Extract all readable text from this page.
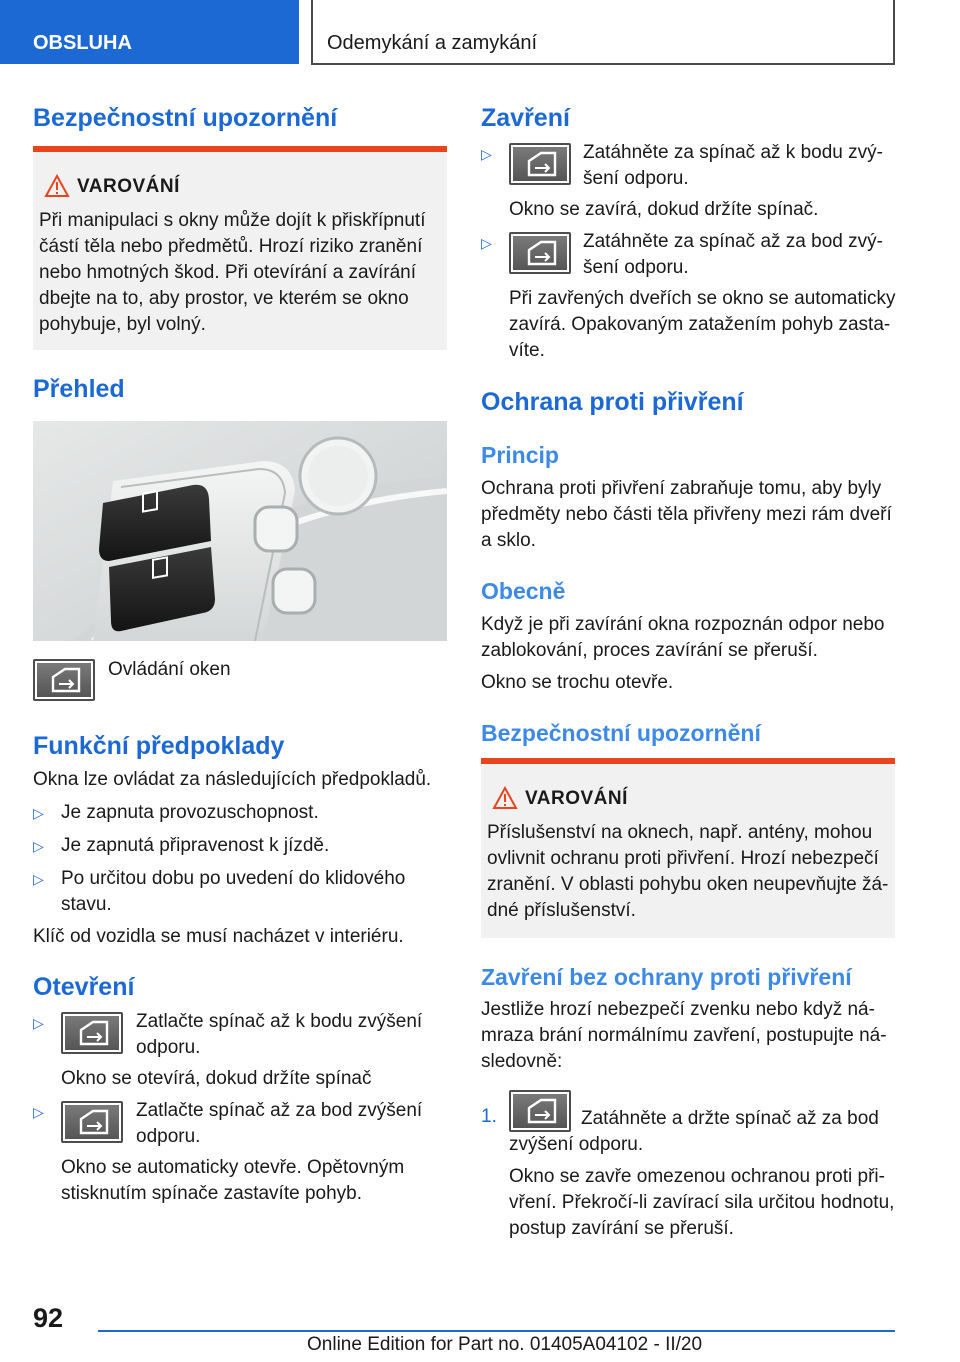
OBSLUHA	Odemykání a zamykání
Bezpečnostní upozornění
VAROVÁNÍ
Při manipulaci s okny může dojít k přiskřípnutí
částí těla nebo předmětů. Hrozí riziko zranění
nebo hmotných škod. Při otevírání a zavírání
dbejte na to, aby prostor, ve kterém se okno
pohybuje, byl volný.
Přehled
Ovládání oken
Funkční předpoklady
Okna lze ovládat za následujících předpokladů.
▷ Je zapnuta provozuschopnost.
▷ Je zapnutá připravenost k jízdě.
▷ Po určitou dobu po uvedení do klidového
stavu.
Klíč od vozidla se musí nacházet v interiéru.
Otevření
▷	Zatlačte spínač až k bodu zvýšení
odporu.
Okno se otevírá, dokud držíte spínač
▷	Zatlačte spínač až za bod zvýšení
odporu.
Okno se automaticky otevře. Opětovným
stisknutím spínače zastavíte pohyb.
Zavření
▷	Zatáhněte za spínač až k bodu zvý-
šení odporu.
Okno se zavírá, dokud držíte spínač.
▷	Zatáhněte za spínač až za bod zvý-
šení odporu.
Při zavřených dveřích se okno se automaticky
zavírá. Opakovaným zatažením pohyb zasta-
víte.
Ochrana proti přivření
Princip
Ochrana proti přivření zabraňuje tomu, aby byly
předměty nebo části těla přivřeny mezi rám dveří
a sklo.
Obecně
Když je při zavírání okna rozpoznán odpor nebo
zablokování, proces zavírání se přeruší.
Okno se trochu otevře.
Bezpečnostní upozornění
VAROVÁNÍ
Příslušenství na oknech, např. antény, mohou
ovlivnit ochranu proti přivření. Hrozí nebezpečí
zranění. V oblasti pohybu oken neupevňujte žá-
dné příslušenství.
Zavření bez ochrany proti přivření
Jestliže hrozí nebezpečí zvenku nebo když ná-
mraza brání normálnímu zavření, postupujte ná-
sledovně:
1.	Zatáhněte a držte spínač až za bod
zvýšení odporu.
Okno se zavře omezenou ochranou proti při-
vření. Překročí-li zavírací sila určitou hodnotu,
postup zavírání se přeruší.
92
Online Edition for Part no. 01405A04102 - II/20
